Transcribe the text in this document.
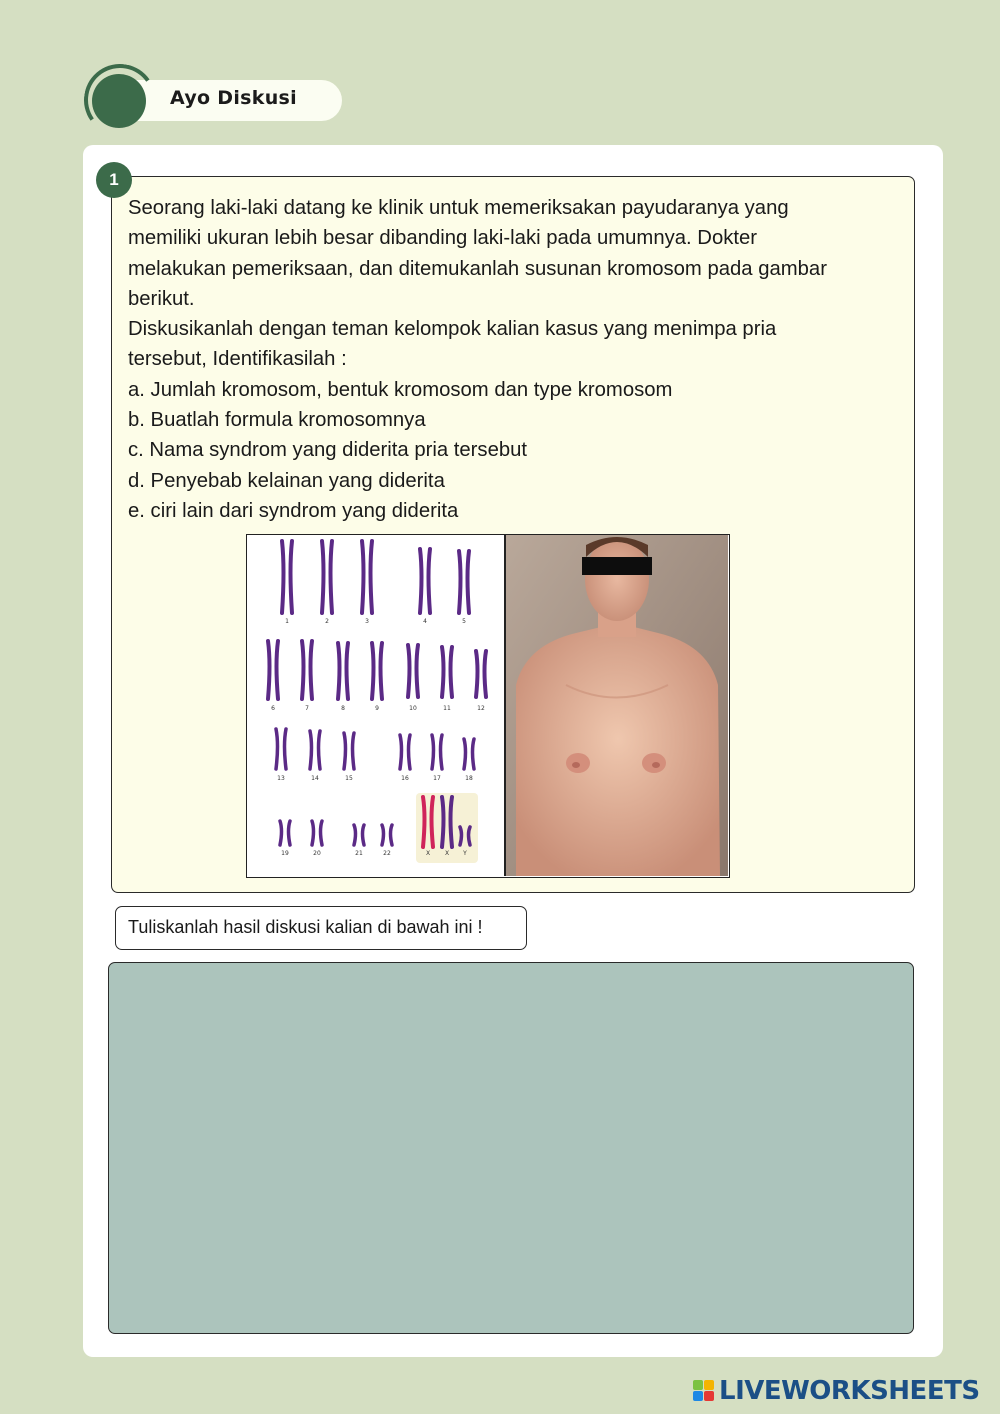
Ayo Diskusi
1

Seorang laki-laki datang ke klinik untuk memeriksakan payudaranya yang

memiliki ukuran lebih besar dibanding laki-laki pada umumnya. Dokter

melakukan pemeriksaan, dan ditemukanlah susunan kromosom pada gambar

berikut.

Diskusikanlah dengan teman kelompok kalian kasus yang menimpa pria

tersebut, Identifikasilah :

a. Jumlah kromosom, bentuk kromosom dan type kromosom

b. Buatlah formula kromosomnya

c. Nama syndrom yang diderita pria tersebut

d. Penyebab kelainan yang diderita

e. ciri lain dari syndrom yang diderita

1	2	3	4	5
6	7	8	9	10	11	12
13	14	15	16	17	18
19	20	21	22	X X Y
Tuliskanlah hasil diskusi kalian di bawah ini !
LIVEWORKSHEETS
